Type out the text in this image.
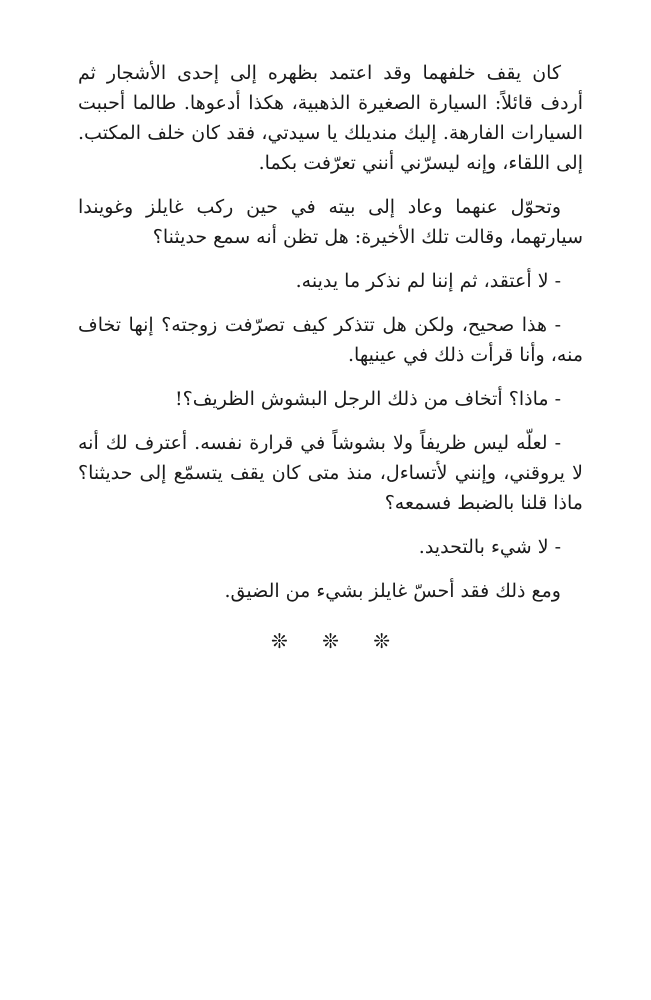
كان يقف خلفهما وقد اعتمد بظهره إلى إحدى الأشجار ثم أردف قائلاً: السيارة الصغيرة الذهبية، هكذا أدعوها. طالما أحببت السيارات الفارهة. إليك منديلك يا سيدتي، فقد كان خلف المكتب. إلى اللقاء، وإنه ليسرّني أنني تعرّفت بكما.

وتحوّل عنهما وعاد إلى بيته في حين ركب غايلز وغويندا سيارتهما، وقالت تلك الأخيرة: هل تظن أنه سمع حديثنا؟

- لا أعتقد، ثم إننا لم نذكر ما يدينه.

- هذا صحيح، ولكن هل تتذكر كيف تصرّفت زوجته؟ إنها تخاف منه، وأنا قرأت ذلك في عينيها.

- ماذا؟ أتخاف من ذلك الرجل البشوش الظريف؟!

- لعلّه ليس ظريفاً ولا بشوشاً في قرارة نفسه. أعترف لك أنه لا يروقني، وإنني لأتساءل، منذ متى كان يقف يتسمّع إلى حديثنا؟ ماذا قلنا بالضبط فسمعه؟

- لا شيء بالتحديد.

ومع ذلك فقد أحسّ غايلز بشيء من الضيق.

❊ ❊ ❊
